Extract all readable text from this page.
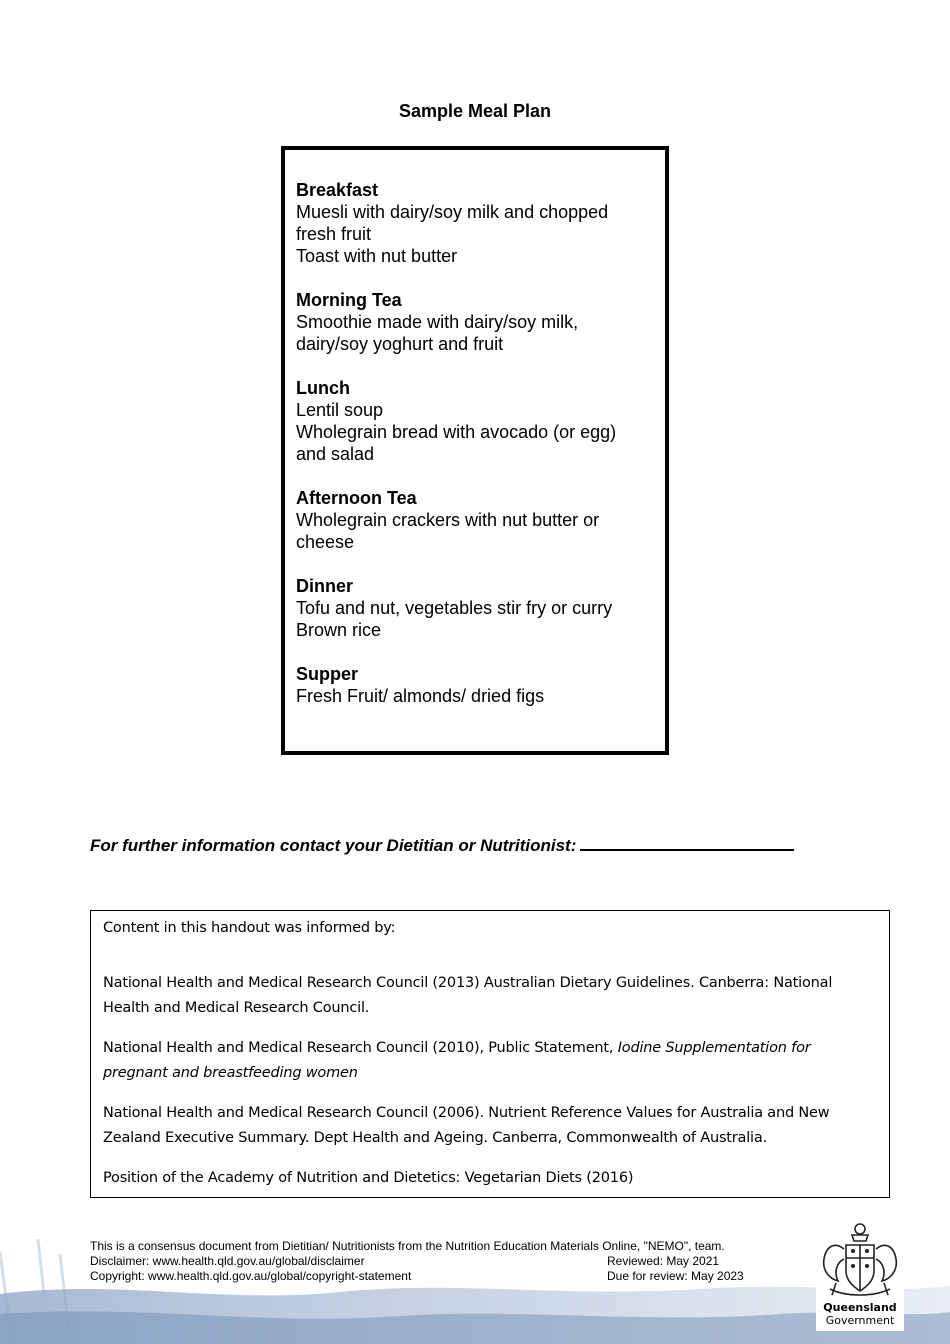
Sample Meal Plan
Breakfast
Muesli with dairy/soy milk and chopped
fresh fruit
Toast with nut butter
Morning Tea
Smoothie made with dairy/soy milk,
dairy/soy yoghurt and fruit
Lunch
Lentil soup
Wholegrain bread with avocado (or egg)
and salad
Afternoon Tea
Wholegrain crackers with nut butter or
cheese
Dinner
Tofu and nut, vegetables stir fry or curry
Brown rice
Supper
Fresh Fruit/ almonds/ dried figs
For further information contact your Dietitian or Nutritionist:

Content in this handout was informed by:

National Health and Medical Research Council (2013) Australian Dietary Guidelines. Canberra: National Health and Medical Research Council.

National Health and Medical Research Council (2010), Public Statement, Iodine Supplementation for pregnant and breastfeeding women

National Health and Medical Research Council (2006). Nutrient Reference Values for Australia and New Zealand Executive Summary. Dept Health and Ageing. Canberra, Commonwealth of Australia.

Position of the Academy of Nutrition and Dietetics: Vegetarian Diets (2016)

This is a consensus document from Dietitian/ Nutritionists from the Nutrition Education Materials Online, "NEMO", team.
Disclaimer: www.health.qld.gov.au/global/disclaimer	Reviewed: May 2021
Copyright: www.health.qld.gov.au/global/copyright-statement	Due for review: May 2023
Queensland
Government
